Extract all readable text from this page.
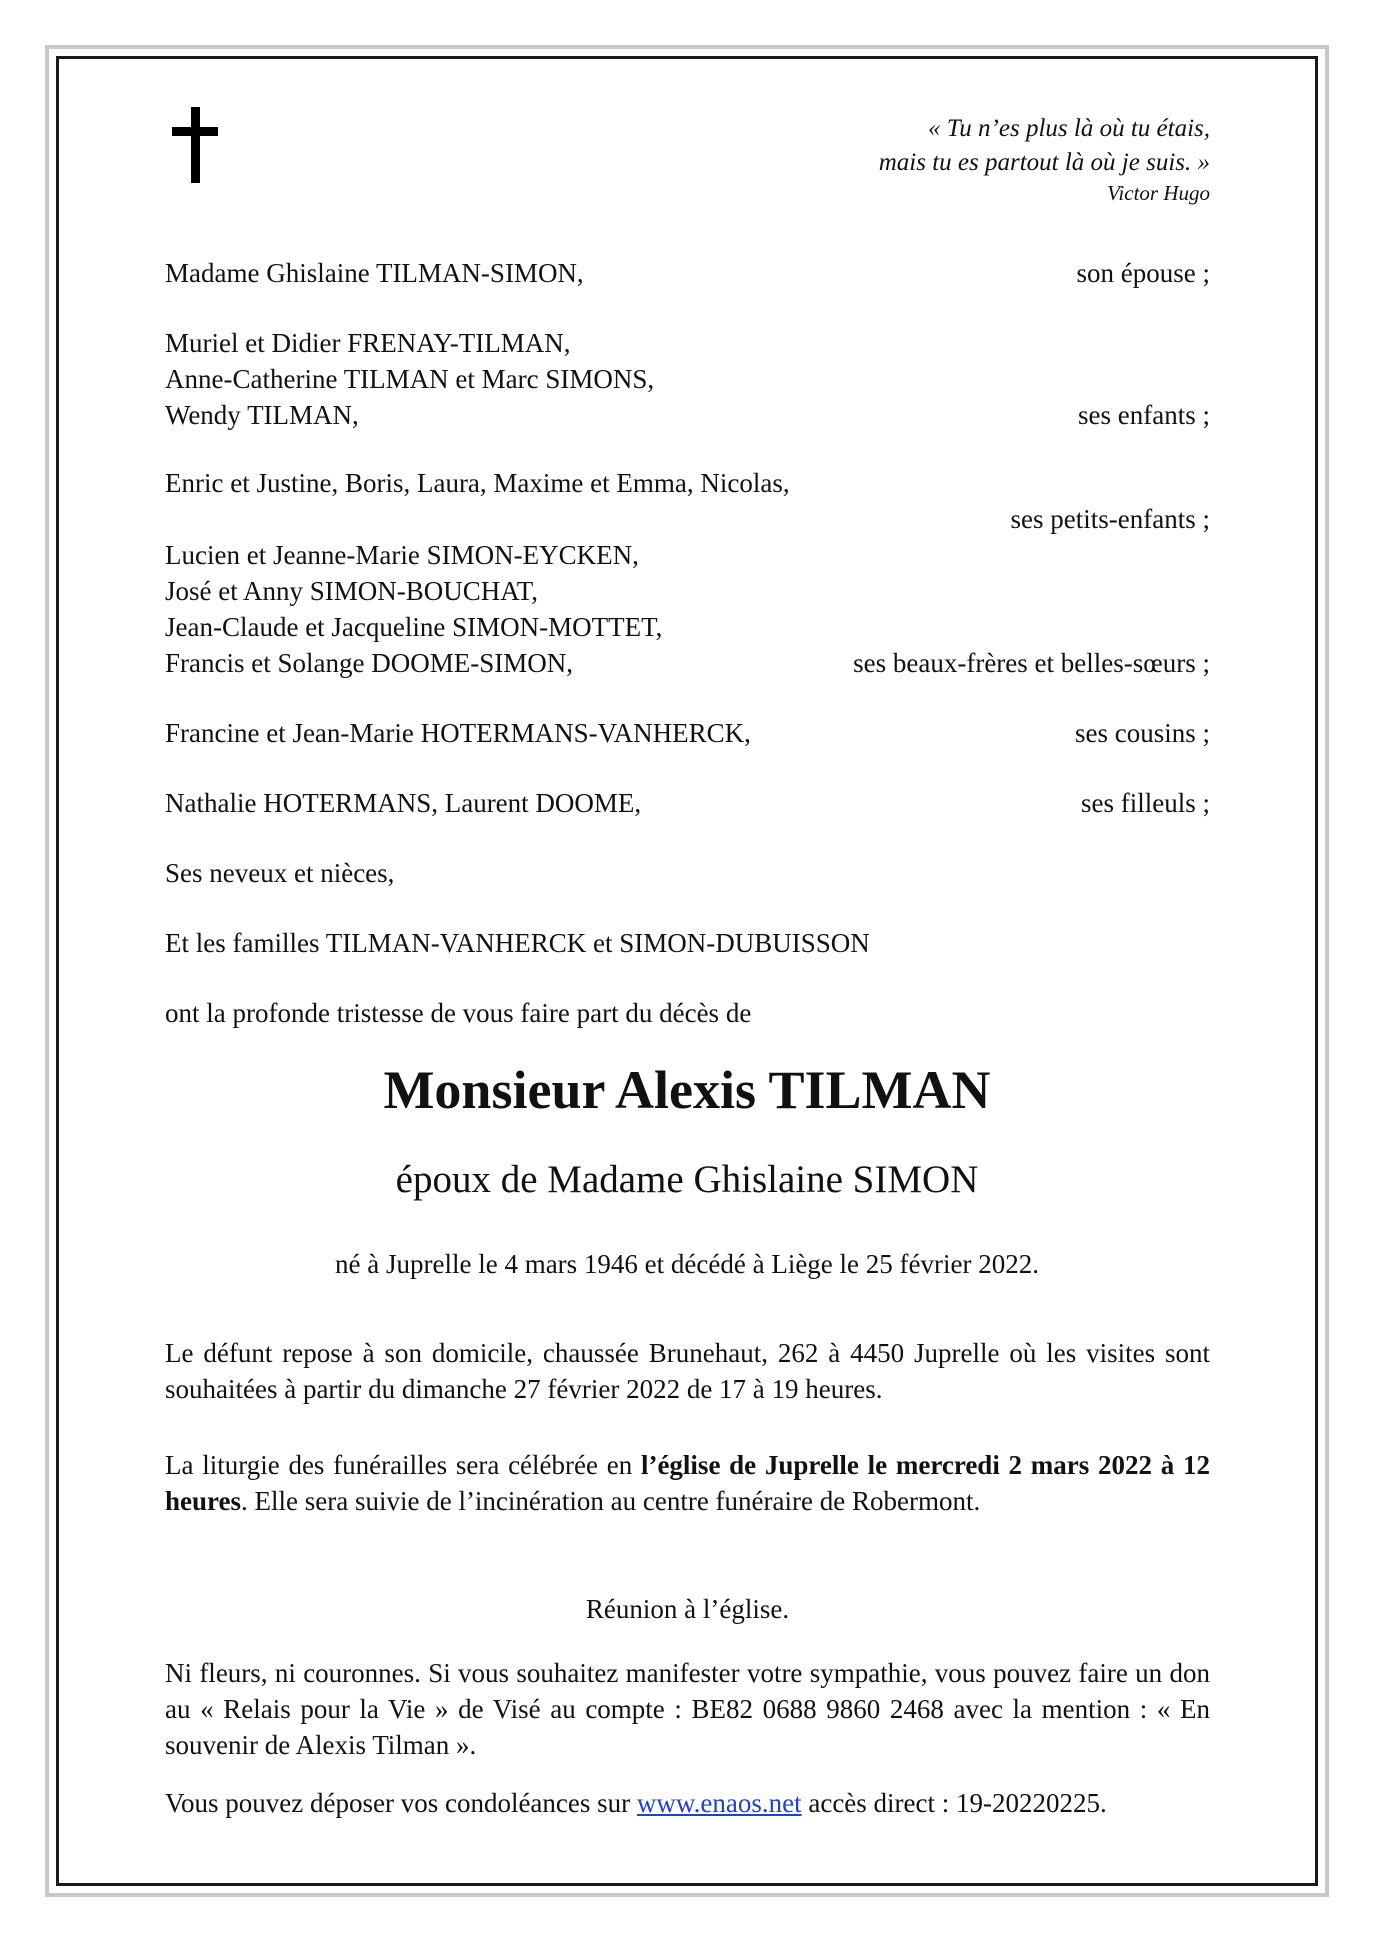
« Tu n’es plus là où tu étais,
mais tu es partout là où je suis. »
Victor Hugo
Madame Ghislaine TILMAN-SIMON,	son épouse ;
Muriel et Didier FRENAY-TILMAN,
Anne-Catherine TILMAN et Marc SIMONS,
Wendy TILMAN,	ses enfants ;
Enric et Justine, Boris, Laura, Maxime et Emma, Nicolas,
ses petits-enfants ;
Lucien et Jeanne-Marie SIMON-EYCKEN,
José et Anny SIMON-BOUCHAT,
Jean-Claude et Jacqueline SIMON-MOTTET,
Francis et Solange DOOME-SIMON,	ses beaux-frères et belles-sœurs ;
Francine et Jean-Marie HOTERMANS-VANHERCK,	ses cousins ;
Nathalie HOTERMANS, Laurent DOOME,	ses filleuls ;
Ses neveux et nièces,
Et les familles TILMAN-VANHERCK et SIMON-DUBUISSON
ont la profonde tristesse de vous faire part du décès de
Monsieur Alexis TILMAN
époux de Madame Ghislaine SIMON
né à Juprelle le 4 mars 1946 et décédé à Liège le 25 février 2022.
Le défunt repose à son domicile, chaussée Brunehaut, 262 à 4450 Juprelle où les visites sont souhaitées à partir du dimanche 27 février 2022 de 17 à 19 heures.
La liturgie des funérailles sera célébrée en l’église de Juprelle le mercredi 2 mars 2022 à 12 heures. Elle sera suivie de l’incinération au centre funéraire de Robermont.
Réunion à l’église.
Ni fleurs, ni couronnes. Si vous souhaitez manifester votre sympathie, vous pouvez faire un don au « Relais pour la Vie » de Visé au compte : BE82 0688 9860 2468 avec la mention : « En souvenir de Alexis Tilman ».
Vous pouvez déposer vos condoléances sur www.enaos.net accès direct : 19-20220225.
